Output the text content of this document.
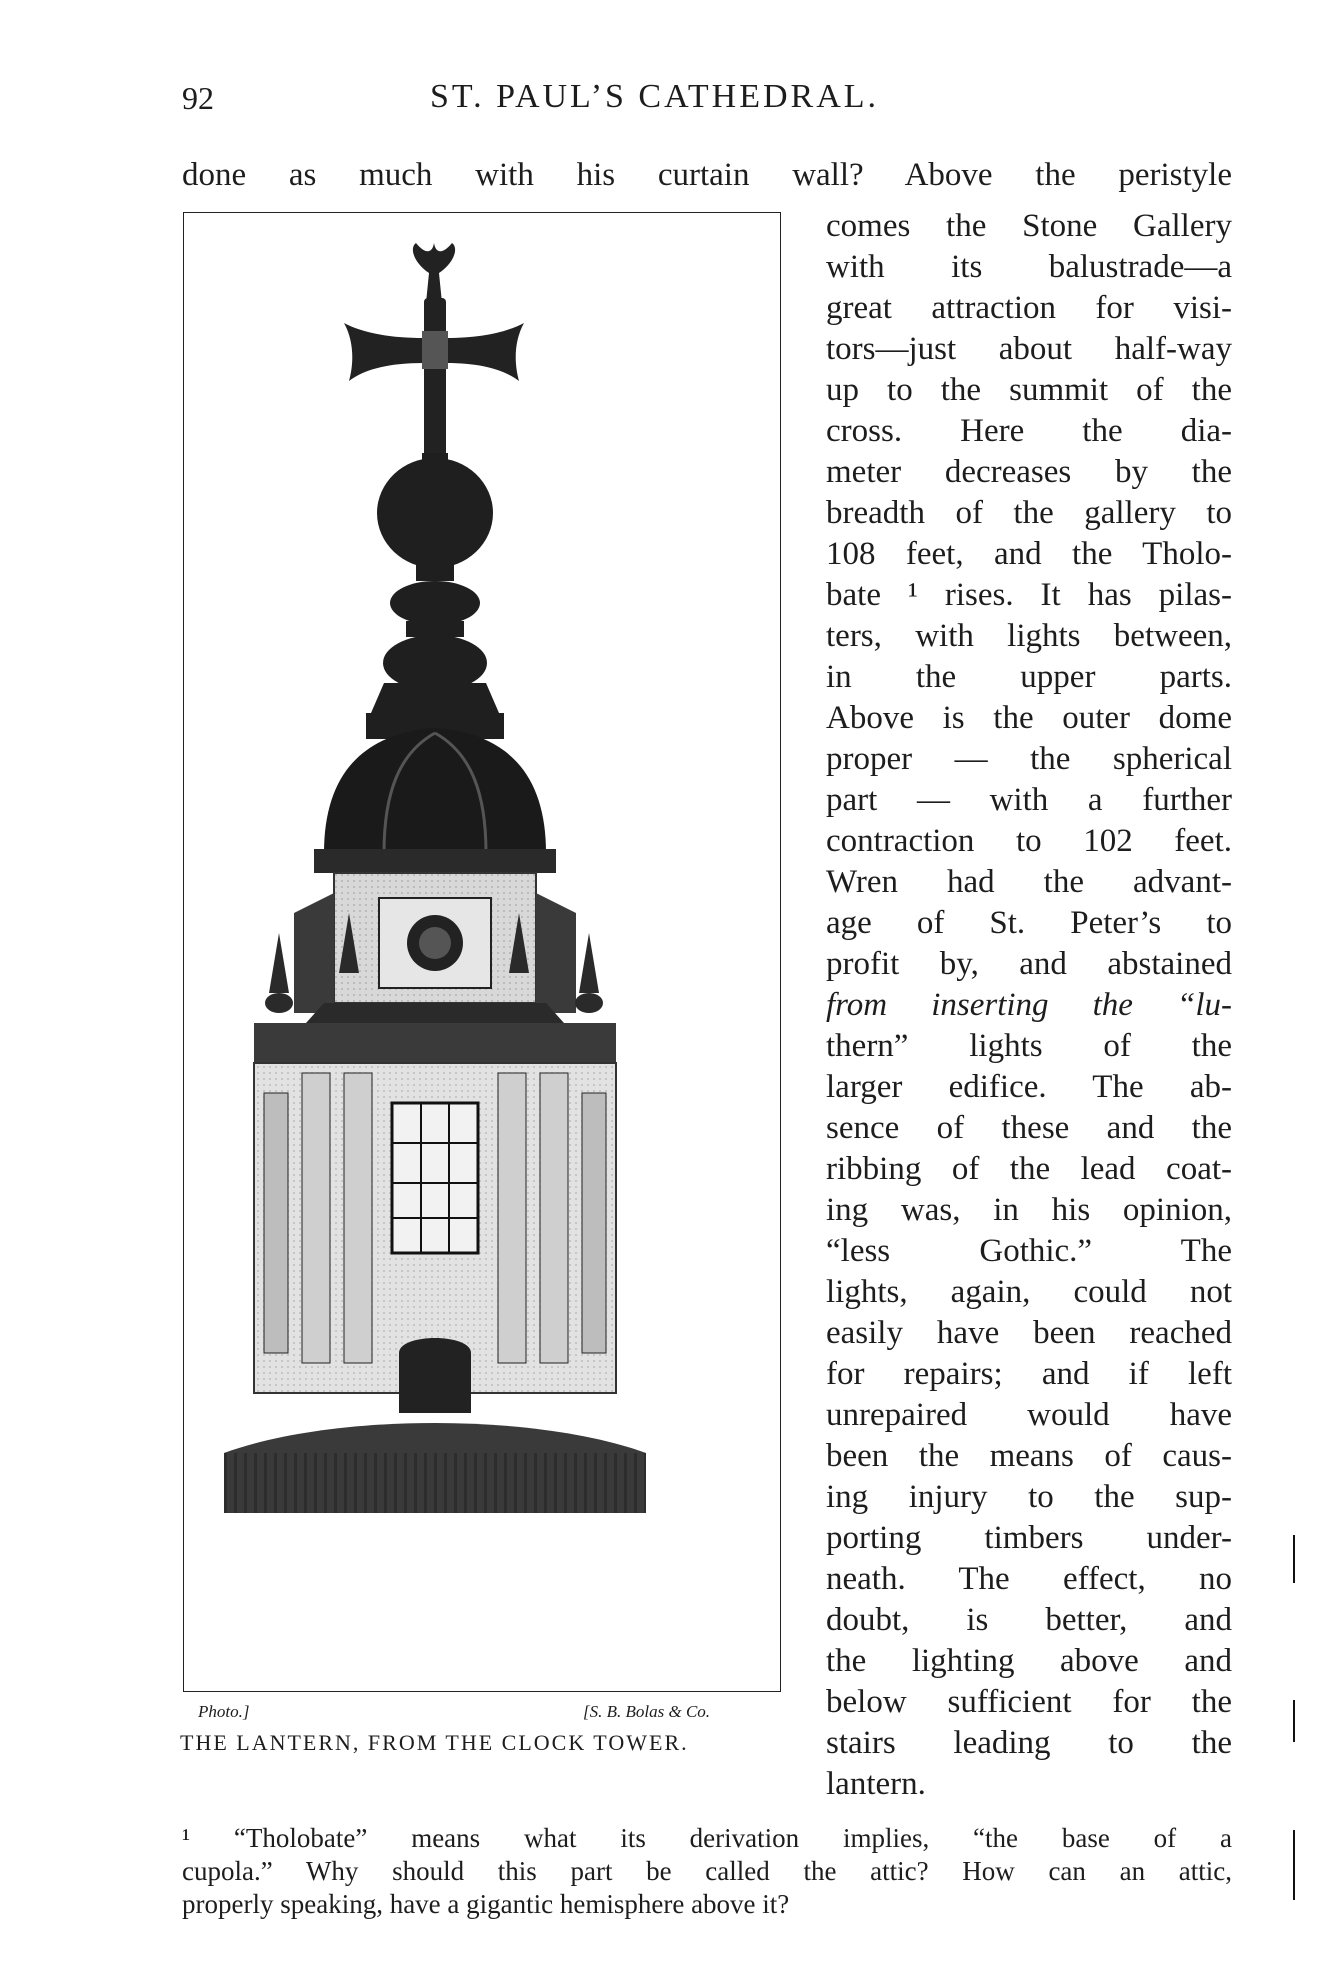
92	ST. PAUL’S CATHEDRAL.
done as much with his curtain wall? Above the peristyle
Photo.]	[S. B. Bolas & Co.
THE LANTERN, FROM THE CLOCK TOWER.
comes the Stone Gallery
with its balustrade—a
great attraction for visi-
tors—just about half-way
up to the summit of the
cross. Here the dia-
meter decreases by the
breadth of the gallery to
108 feet, and the Tholo-
bate ¹ rises. It has pilas-
ters, with lights between,
in the upper parts.
Above is the outer dome
proper — the spherical
part — with a further
contraction to 102 feet.
Wren had the advant-
age of St. Peter’s to
profit by, and abstained
from inserting the “lu-
thern” lights of the
larger edifice. The ab-
sence of these and the
ribbing of the lead coat-
ing was, in his opinion,
“less Gothic.” The
lights, again, could not
easily have been reached
for repairs; and if left
unrepaired would have
been the means of caus-
ing injury to the sup-
porting timbers under-
neath. The effect, no
doubt, is better, and
the lighting above and
below sufficient for the
stairs leading to the
lantern.
¹ “Tholobate” means what its derivation implies, “the base of a
cupola.” Why should this part be called the attic? How can an attic,
properly speaking, have a gigantic hemisphere above it?
